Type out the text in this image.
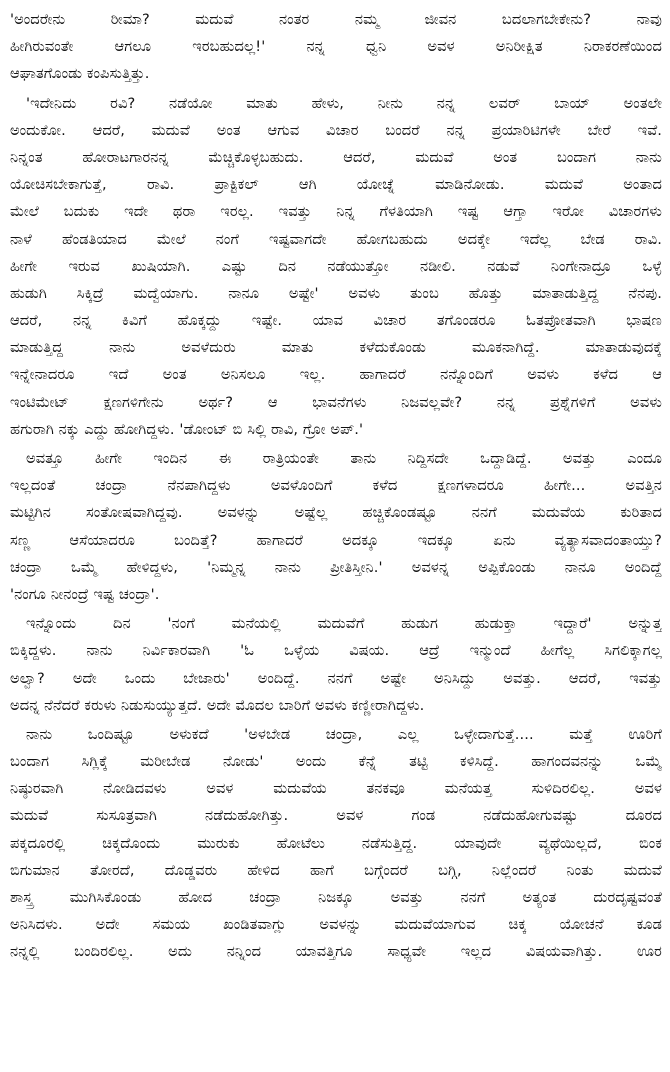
'ಅಂದರೇನು ರೀಮಾ? ಮದುವೆ ನಂತರ ನಮ್ಮ ಜೀವನ ಬದಲಾಗಬೇಕೇನು? ನಾವು
ಹೀಗಿರುವಂತೇ ಆಗಲೂ ಇರಬಹುದಲ್ಲ!' ನನ್ನ ಧ್ವನಿ ಅವಳ ಅನಿರೀಕ್ಷಿತ ನಿರಾಕರಣೆಯಿಂದ
ಆಘಾತಗೊಂಡು ಕಂಪಿಸುತ್ತಿತ್ತು.
'ಇದೇನಿದು ರವಿ? ನಡೆಯೋ ಮಾತು ಹೇಳು, ನೀನು ನನ್ನ ಲವರ್ ಬಾಯ್ ಅಂತಲೇ
ಅಂದುಕೋ. ಆದರೆ, ಮದುವೆ ಅಂತ ಆಗುವ ವಿಚಾರ ಬಂದರೆ ನನ್ನ ಪ್ರಯಾರಿಟಿಗಳೇ ಬೇರೆ ಇವೆ.
ನಿನ್ನಂತ ಹೋರಾಟಗಾರನನ್ನ ಮೆಚ್ಚಿಕೊಳ್ಳಬಹುದು. ಆದರೆ, ಮದುವೆ ಅಂತ ಬಂದಾಗ ನಾನು
ಯೋಚಿಸಬೇಕಾಗುತ್ತೆ, ರಾವಿ. ಪ್ರಾಕ್ಟಿಕಲ್ ಆಗಿ ಯೋಚ್ನೆ ಮಾಡಿನೋಡು. ಮದುವೆ ಅಂತಾದ
ಮೇಲೆ ಬದುಕು ಇದೇ ಥರಾ ಇರಲ್ಲ. ಇವತ್ತು ನಿನ್ನ ಗೆಳತಿಯಾಗಿ ಇಷ್ಟ ಆಗ್ತಾ ಇರೋ ವಿಚಾರಗಳು
ನಾಳೆ ಹೆಂಡತಿಯಾದ ಮೇಲೆ ನಂಗೆ ಇಷ್ಟವಾಗದೇ ಹೋಗಬಹುದು ಅದಕ್ಕೇ ಇದೆಲ್ಲ ಬೇಡ ರಾವಿ.
ಹೀಗೇ ಇರುವ ಖುಷಿಯಾಗಿ. ಎಷ್ಟು ದಿನ ನಡೆಯುತ್ತೋ ನಡೀಲಿ. ನಡುವೆ ನಿಂಗೇನಾದ್ರೂ ಒಳ್ಳೆ
ಹುಡುಗಿ ಸಿಕ್ಕಿದ್ರೆ ಮದ್ವೆಯಾಗು. ನಾನೂ ಅಷ್ಟೇ' ಅವಳು ತುಂಬ ಹೊತ್ತು ಮಾತಾಡುತ್ತಿದ್ದ ನೆನಪು.
ಆದರೆ, ನನ್ನ ಕಿವಿಗೆ ಹೊಕ್ಕದ್ದು ಇಷ್ಟೇ. ಯಾವ ವಿಚಾರ ತಗೊಂಡರೂ ಓತಪ್ರೋತವಾಗಿ ಭಾಷಣ
ಮಾಡುತ್ತಿದ್ದ ನಾನು ಅವಳೆದುರು ಮಾತು ಕಳೆದುಕೊಂಡು ಮೂಕನಾಗಿದ್ದೆ. ಮಾತಾಡುವುದಕ್ಕೆ
ಇನ್ನೇನಾದರೂ ಇದೆ ಅಂತ ಅನಿಸಲೂ ಇಲ್ಲ. ಹಾಗಾದರೆ ನನ್ನೊಂದಿಗೆ ಅವಳು ಕಳೆದ ಆ
ಇಂಟಿಮೇಟ್ ಕ್ಷಣಗಳಿಗೇನು ಅರ್ಥ? ಆ ಭಾವನೆಗಳು ನಿಜವಲ್ಲವೇ? ನನ್ನ ಪ್ರಶ್ನೆಗಳಿಗೆ ಅವಳು
ಹಗುರಾಗಿ ನಕ್ಕು ಎದ್ದು ಹೋಗಿದ್ದಳು. 'ಡೋಂಟ್ ಬಿ ಸಿಲ್ಲಿ ರಾವಿ, ಗ್ರೋ ಅಪ್.'
ಅವತ್ತೂ ಹೀಗೇ ಇಂದಿನ ಈ ರಾತ್ರಿಯಂತೇ ತಾನು ನಿದ್ದಿಸದೇ ಒದ್ದಾಡಿದ್ದೆ. ಅವತ್ತು ಎಂದೂ
ಇಲ್ಲದಂತೆ ಚಂದ್ರಾ ನೆನಪಾಗಿದ್ದಳು ಅವಳೊಂದಿಗೆ ಕಳೆದ ಕ್ಷಣಗಳಾದರೂ ಹೀಗೇ... ಅವತ್ತಿನ
ಮಟ್ಟಿಗಿನ ಸಂತೋಷವಾಗಿದ್ದವು. ಅವಳನ್ನು ಅಷ್ಟೆಲ್ಲ ಹಚ್ಚಿಕೊಂಡಷ್ಟೂ ನನಗೆ ಮದುವೆಯ ಕುರಿತಾದ
ಸಣ್ಣ ಆಸೆಯಾದರೂ ಬಂದಿತ್ತೆ? ಹಾಗಾದರೆ ಅದಕ್ಕೂ ಇದಕ್ಕೂ ಏನು ವ್ಯತ್ಯಾಸವಾದಂತಾಯ್ತು?
ಚಂದ್ರಾ ಒಮ್ಮೆ ಹೇಳಿದ್ದಳು, 'ನಿಮ್ಮನ್ನ ನಾನು ಪ್ರೀತಿಸ್ತೀನಿ.' ಅವಳನ್ನ ಅಪ್ಪಿಕೊಂಡು ನಾನೂ ಅಂದಿದ್ದೆ
'ನಂಗೂ ನೀನಂದ್ರೆ ಇಷ್ಟ ಚಂದ್ರಾ'.
ಇನ್ನೊಂದು ದಿನ 'ನಂಗೆ ಮನೆಯಲ್ಲಿ ಮದುವೆಗೆ ಹುಡುಗ ಹುಡುಕ್ತಾ ಇದ್ದಾರೆ' ಅನ್ನುತ್ತ
ಬಿಕ್ಕಿದ್ದಳು. ನಾನು ನಿರ್ವಿಕಾರವಾಗಿ 'ಓ ಒಳ್ಳೆಯ ವಿಷಯ. ಆದ್ರೆ ಇನ್ಮುಂದೆ ಹೀಗೆಲ್ಲ ಸಿಗಲಿಕ್ಕಾಗಲ್ಲ
ಅಲ್ವಾ? ಅದೇ ಒಂದು ಬೇಜಾರು' ಅಂದಿದ್ದೆ. ನನಗೆ ಅಷ್ಟೇ ಅನಿಸಿದ್ದು ಅವತ್ತು. ಆದರೆ, ಇವತ್ತು
ಅದನ್ನ ನೆನೆದರೆ ಕರುಳು ನಿಡುಸುಯ್ಯುತ್ತದೆ. ಅದೇ ಮೊದಲ ಬಾರಿಗೆ ಅವಳು ಕಣ್ಣೀರಾಗಿದ್ದಳು.
ನಾನು ಒಂದಿಷ್ಟೂ ಅಳುಕದೆ 'ಅಳಬೇಡ ಚಂದ್ರಾ, ಎಲ್ಲ ಒಳ್ಳೇದಾಗುತ್ತೆ.... ಮತ್ತೆ ಊರಿಗೆ
ಬಂದಾಗ ಸಿಗ್ಲಿಕ್ಕೆ ಮರೀಬೇಡ ನೋಡು' ಅಂದು ಕೆನ್ನೆ ತಟ್ಟಿ ಕಳಿಸಿದ್ದೆ. ಹಾಗಂದವನನ್ನು ಒಮ್ಮೆ
ನಿಷ್ಠುರವಾಗಿ ನೋಡಿದವಳು ಅವಳ ಮದುವೆಯ ತನಕವೂ ಮನೆಯತ್ತ ಸುಳಿದಿರಲಿಲ್ಲ. ಅವಳ
ಮದುವೆ ಸುಸೂತ್ರವಾಗಿ ನಡೆದುಹೋಗಿತ್ತು. ಅವಳ ಗಂಡ ನಡೆದುಹೋಗುವಷ್ಟು ದೂರದ
ಪಕ್ಕದೂರಲ್ಲಿ ಚಿಕ್ಕದೊಂದು ಮುರುಕು ಹೋಟೆಲು ನಡೆಸುತ್ತಿದ್ದ. ಯಾವುದೇ ವ್ಯಥೆಯಿಲ್ಲದೆ, ಬಿಂಕ
ಬಿಗುಮಾನ ತೋರದೆ, ದೊಡ್ಡವರು ಹೇಳಿದ ಹಾಗೆ ಬಗ್ಗೆಂದರೆ ಬಗ್ಗಿ, ನಿಲ್ಲೆಂದರೆ ನಿಂತು ಮದುವೆ
ಶಾಸ್ತ್ರ ಮುಗಿಸಿಕೊಂಡು ಹೋದ ಚಂದ್ರಾ ನಿಜಕ್ಕೂ ಅವತ್ತು ನನಗೆ ಅತ್ಯಂತ ದುರದೃಷ್ಟವಂತೆ
ಅನಿಸಿದಳು. ಅದೇ ಸಮಯ ಖಂಡಿತವಾಗ್ಲು ಅವಳನ್ನು ಮದುವೆಯಾಗುವ ಚಿಕ್ಕ ಯೋಚನೆ ಕೂಡ
ನನ್ನಲ್ಲಿ ಬಂದಿರಲಿಲ್ಲ. ಅದು ನನ್ನಿಂದ ಯಾವತ್ತಿಗೂ ಸಾಧ್ಯವೇ ಇಲ್ಲದ ವಿಷಯವಾಗಿತ್ತು. ಊರ
